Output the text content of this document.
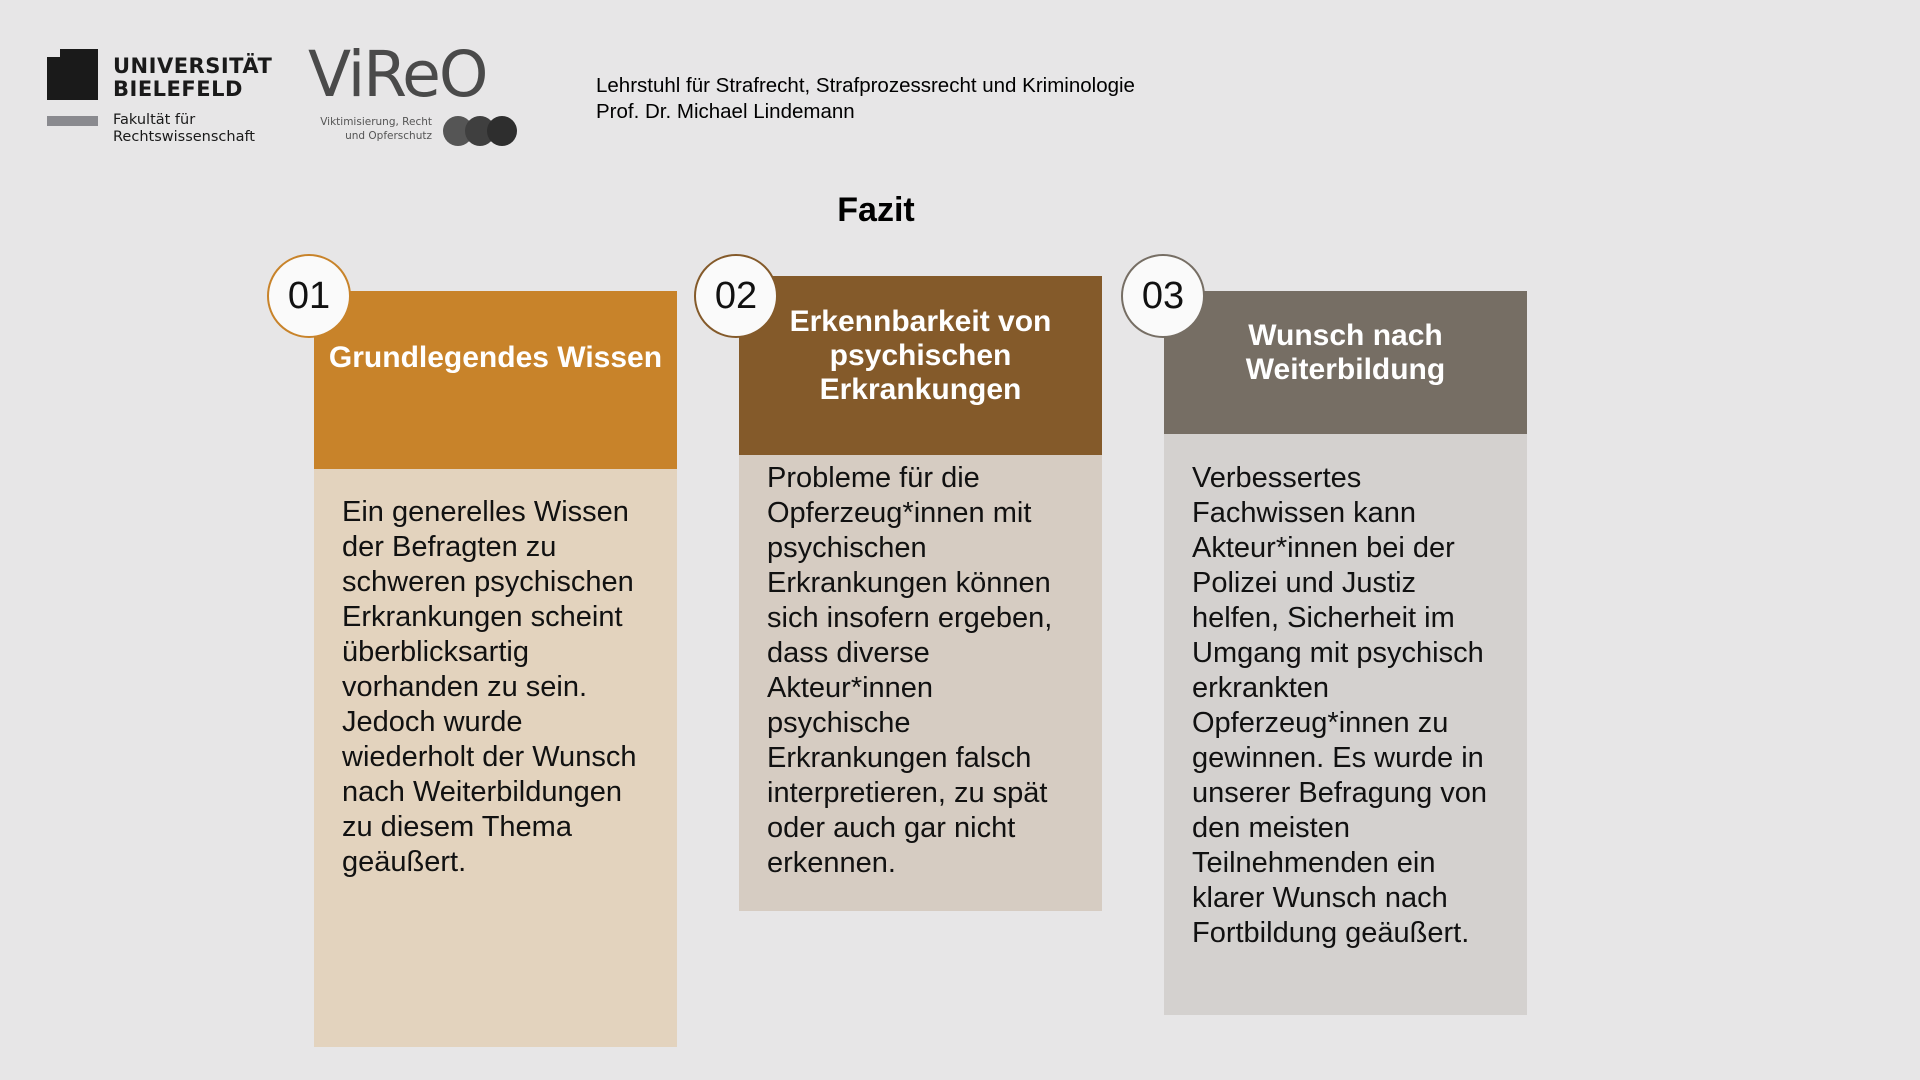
UNIVERSITÄT
BIELEFELD
Fakultät für
Rechtswissenschaft
ViReO
Viktimisierung, Recht
und Opferschutz
Lehrstuhl für Strafrecht, Strafprozessrecht und Kriminologie
Prof. Dr. Michael Lindemann
Fazit
Grundlegendes Wissen
Ein generelles Wissen der Befragten zu schweren psychischen Erkrankungen scheint überblicksartig vorhanden zu sein. Jedoch wurde wiederholt der Wunsch nach Weiterbildungen zu diesem Thema geäußert.
01
Erkennbarkeit von psychischen Erkrankungen
Probleme für die Opferzeug*innen mit psychischen Erkrankungen können sich insofern ergeben, dass diverse Akteur*innen psychische Erkrankungen falsch interpretieren, zu spät oder auch gar nicht erkennen.
02
Wunsch nach Weiterbildung
Verbessertes Fachwissen kann Akteur*innen bei der Polizei und Justiz helfen, Sicherheit im Umgang mit psychisch erkrankten Opferzeug*innen zu gewinnen. Es wurde in unserer Befragung von den meisten Teilnehmenden ein klarer Wunsch nach Fortbildung geäußert.
03
